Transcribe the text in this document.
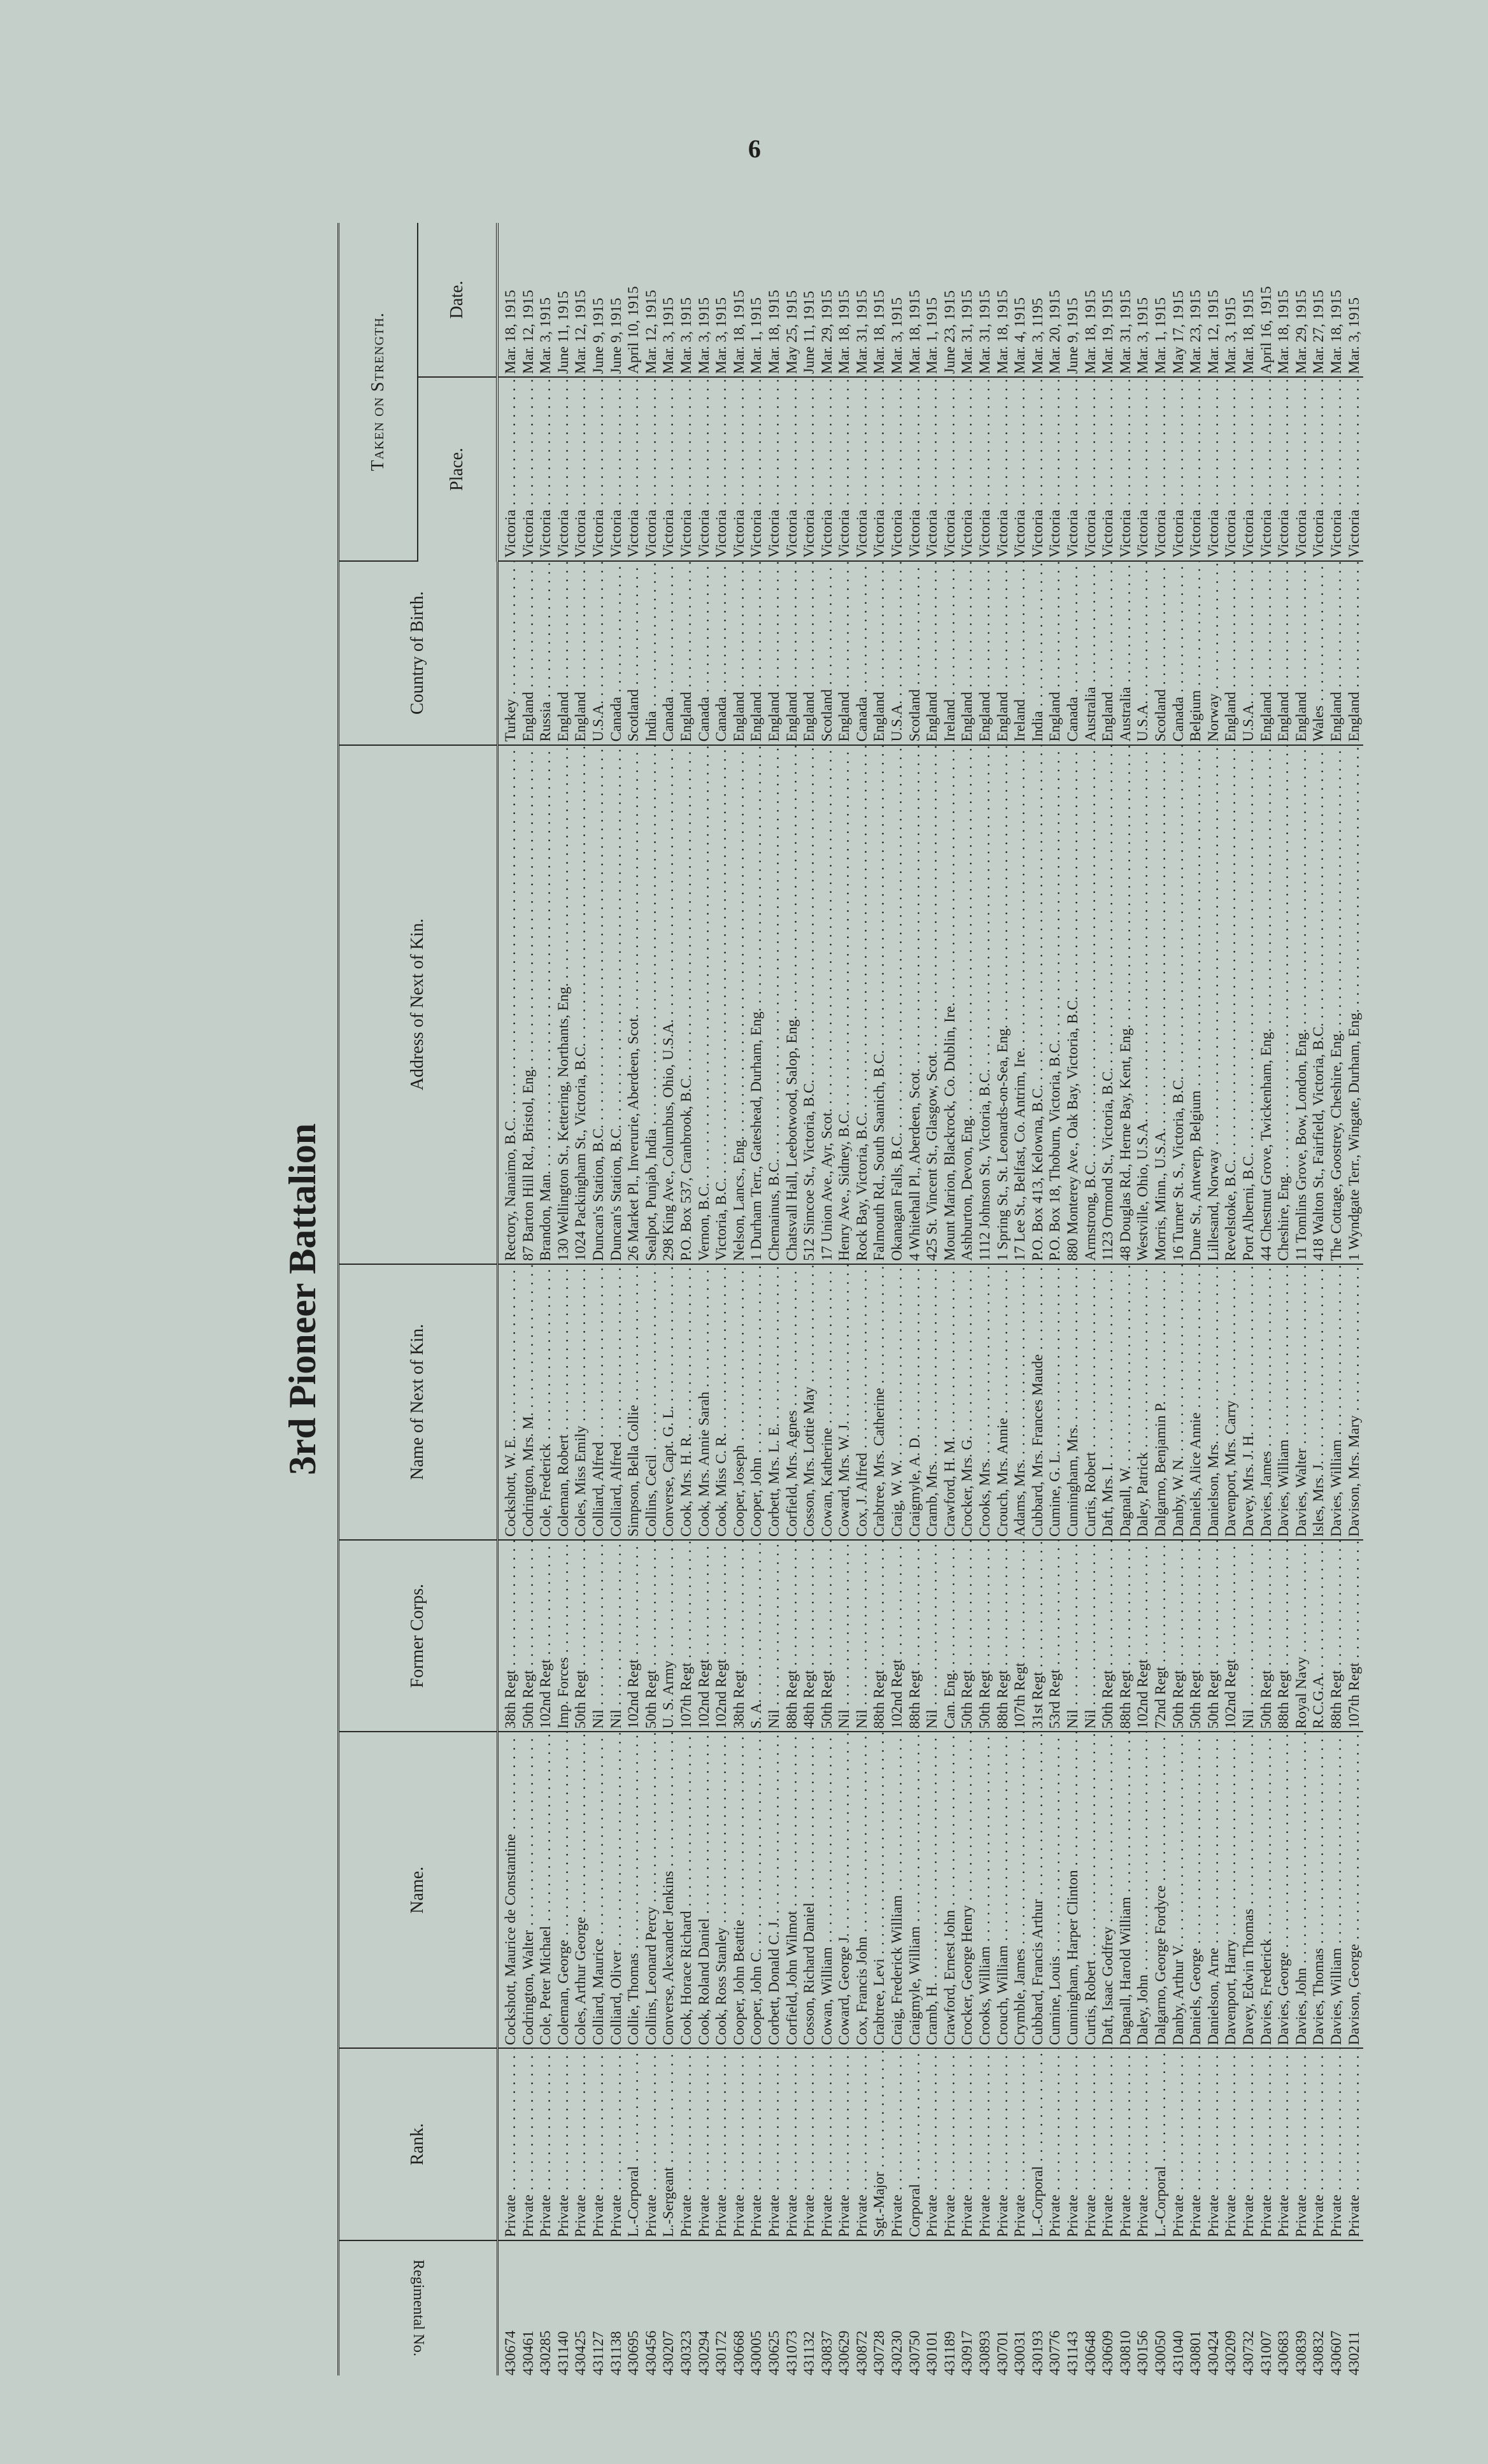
6
3rd Pioneer Battalion
Regimental No.	Rank.	Name.	Former Corps.	Name of Next of Kin.	Address of Next of Kin.	Country of Birth.	Taken on Strength.	
							Place.	Date.
430674	Private . . .	Cockshott, Maurice de Constantine . . .	38th Regt . . .	Cockshott, W. E. . . .	Rectory, Nanaimo, B.C. . . .	Turkey . . .	Victoria . . .	Mar. 18, 1915
430461	Private . . .	Codrington, Walter . . .	50th Regt . . .	Codrington, Mrs. M. . . .	87 Barton Hill Rd., Bristol, Eng. . . .	England . . .	Victoria . . .	Mar. 12, 1915
430285	Private . . .	Cole, Peter Michael . . .	102nd Regt . . .	Cole, Frederick . . .	Brandon, Man. . . .	Russia . . .	Victoria . . .	Mar. 3, 1915
431140	Private . . .	Coleman, George . . .	Imp. Forces . . .	Coleman, Robert . . .	130 Wellington St., Kettering, Northants, Eng. . . .	England . . .	Victoria . . .	June 11, 1915
430425	Private . . .	Coles, Arthur George . . .	50th Regt . . .	Coles, Miss Emily . . .	1024 Packingham St., Victoria, B.C. . . .	England . . .	Victoria . . .	Mar. 12, 1915
431127	Private . . .	Colliard, Maurice . . .	Nil . . .	Colliard, Alfred . . .	Duncan's Station, B.C. . . .	U.S.A. . . .	Victoria . . .	June 9, 1915
431138	Private . . .	Colliard, Oliver . . .	Nil . . .	Colliard, Alfred . . .	Duncan's Station, B.C. . . .	Canada . . .	Victoria . . .	June 9, 1915
430695	L.-Corporal . . .	Collie, Thomas . . .	102nd Regt . . .	Simpson, Bella Collie . . .	26 Market Pl., Inverurie, Aberdeen, Scot. . . .	Scotland . . .	Victoria . . .	April 10, 1915
430456	Private . . .	Collins, Leonard Percy . . .	50th Regt . . .	Collins, Cecil . . .	Sealpot, Punjab, India . . .	India . . .	Victoria . . .	Mar. 12, 1915
430207	L.-Sergeant . . .	Converse, Alexander Jenkins . . .	U. S. Army . . .	Converse, Capt. G. L. . . .	298 King Ave., Columbus, Ohio, U.S.A. . . .	Canada . . .	Victoria . . .	Mar. 3, 1915
430323	Private . . .	Cook, Horace Richard . . .	107th Regt . . .	Cook, Mrs. H. R. . . .	P.O. Box 537, Cranbrook, B.C. . . .	England . . .	Victoria . . .	Mar. 3, 1915
430294	Private . . .	Cook, Roland Daniel . . .	102nd Regt . . .	Cook, Mrs. Annie Sarah . . .	Vernon, B.C. . . .	Canada . . .	Victoria . . .	Mar. 3, 1915
430172	Private . . .	Cook, Ross Stanley . . .	102nd Regt . . .	Cook, Miss C. R. . . .	Victoria, B.C. . . .	Canada . . .	Victoria . . .	Mar. 3, 1915
430668	Private . . .	Cooper, John Beattie . . .	38th Regt . . .	Cooper, Joseph . . .	Nelson, Lancs., Eng. . . .	England . . .	Victoria . . .	Mar. 18, 1915
430005	Private . . .	Cooper, John C. . . .	S. A. . . .	Cooper, John . . .	1 Durham Terr., Gateshead, Durham, Eng. . . .	England . . .	Victoria . . .	Mar. 1, 1915
430625	Private . . .	Corbett, Donald C. J. . . .	Nil . . .	Corbett, Mrs. L. E. . . .	Chemainus, B.C. . . .	England . . .	Victoria . . .	Mar. 18, 1915
431073	Private . . .	Corfield, John Wilmot . . .	88th Regt . . .	Corfield, Mrs. Agnes . . .	Chatsvall Hall, Leebotwood, Salop, Eng. . . .	England . . .	Victoria . . .	May 25, 1915
431132	Private . . .	Cosson, Richard Daniel . . .	48th Regt . . .	Cosson, Mrs. Lottie May . . .	512 Simcoe St., Victoria, B.C. . . .	England . . .	Victoria . . .	June 11, 1915
430837	Private . . .	Cowan, William . . .	50th Regt . . .	Cowan, Katherine . . .	17 Union Ave., Ayr, Scot. . . .	Scotland . . .	Victoria . . .	Mar. 29, 1915
430629	Private . . .	Coward, George J. . . .	Nil . . .	Coward, Mrs. W. J. . . .	Henry Ave., Sidney, B.C. . . .	England . . .	Victoria . . .	Mar. 18, 1915
430872	Private . . .	Cox, Francis John . . .	Nil . . .	Cox, J. Alfred . . .	Rock Bay, Victoria, B.C. . . .	Canada . . .	Victoria . . .	Mar. 31, 1915
430728	Sgt.-Major . . .	Crabtree, Levi . . .	88th Regt . . .	Crabtree, Mrs. Catherine . . .	Falmouth Rd., South Saanich, B.C. . . .	England . . .	Victoria . . .	Mar. 18, 1915
430230	Private . . .	Craig, Frederick William . . .	102nd Regt . . .	Craig, W. W. . . .	Okanagan Falls, B.C. . . .	U.S.A. . . .	Victoria . . .	Mar. 3, 1915
430750	Corporal . . .	Craigmyle, William . . .	88th Regt . . .	Craigmyle, A. D. . . .	4 Whitehall Pl., Aberdeen, Scot. . . .	Scotland . . .	Victoria . . .	Mar. 18, 1915
430101	Private . . .	Cramb, H. . . .	Nil . . .	Cramb, Mrs. . . .	425 St. Vincent St., Glasgow, Scot. . . .	England . . .	Victoria . . .	Mar. 1, 1915
431189	Private . . .	Crawford, Ernest John . . .	Can. Eng. . . .	Crawford, H. M. . . .	Mount Marion, Blackrock, Co. Dublin, Ire. . . .	Ireland . . .	Victoria . . .	June 23, 1915
430917	Private . . .	Crocker, George Henry . . .	50th Regt . . .	Crocker, Mrs. G. . . .	Ashburton, Devon, Eng. . . .	England . . .	Victoria . . .	Mar. 31, 1915
430893	Private . . .	Crooks, William . . .	50th Regt . . .	Crooks, Mrs. . . .	1112 Johnson St., Victoria, B.C. . . .	England . . .	Victoria . . .	Mar. 31, 1915
430701	Private . . .	Crouch, William . . .	88th Regt . . .	Crouch, Mrs. Annie . . .	1 Spring St., St. Leonards-on-Sea, Eng. . . .	England . . .	Victoria . . .	Mar. 18, 1915
430031	Private . . .	Crymble, James . . .	107th Regt . . .	Adams, Mrs. . . .	17 Lee St., Belfast, Co. Antrim, Ire. . . .	Ireland . . .	Victoria . . .	Mar. 4, 1915
430193	L.-Corporal . . .	Cubbard, Francis Arthur . . .	31st Regt . . .	Cubbard, Mrs. Frances Maude . . .	P.O. Box 413, Kelowna, B.C. . . .	India . . .	Victoria . . .	Mar. 3, 1195
430776	Private . . .	Cumine, Louis . . .	53rd Regt . . .	Cumine, G. L. . . .	P.O. Box 18, Thoburn, Victoria, B.C. . . .	England . . .	Victoria . . .	Mar. 20, 1915
431143	Private . . .	Cunningham, Harper Clinton . . .	Nil . . .	Cunningham, Mrs. . . .	880 Monterey Ave., Oak Bay, Victoria, B.C. . . .	Canada . . .	Victoria . . .	June 9, 1915
430648	Private . . .	Curtis, Robert . . .	Nil . . .	Curtis, Robert . . .	Armstrong, B.C. . . .	Australia . . .	Victoria . . .	Mar. 18, 1915
430609	Private . . .	Daft, Isaac Godfrey . . .	50th Regt . . .	Daft, Mrs. I. . . .	1123 Ormond St., Victoria, B.C. . . .	England . . .	Victoria . . .	Mar. 19, 1915
430810	Private . . .	Dagnall, Harold William . . .	88th Regt . . .	Dagnall, W. . . .	48 Douglas Rd., Herne Bay, Kent, Eng. . . .	Australia . . .	Victoria . . .	Mar. 31, 1915
430156	Private . . .	Daley, John . . .	102nd Regt . . .	Daley, Patrick . . .	Westville, Ohio, U.S.A. . . .	U.S.A. . . .	Victoria . . .	Mar. 3, 1915
430050	L.-Corporal . . .	Dalgarno, George Fordyce . . .	72nd Regt . . .	Dalgarno, Benjamin P. . . .	Morris, Minn., U.S.A. . . .	Scotland . . .	Victoria . . .	Mar. 1, 1915
431040	Private . . .	Danby, Arthur V. . . .	50th Regt . . .	Danby, W. N. . . .	16 Turner St. S., Victoria, B.C. . . .	Canada . . .	Victoria . . .	May 17, 1915
430801	Private . . .	Daniels, George . . .	50th Regt . . .	Daniels, Alice Annie . . .	Dune St., Antwerp, Belgium . . .	Belgium . . .	Victoria . . .	Mar. 23, 1915
430424	Private . . .	Danielson, Arne . . .	50th Regt . . .	Danielson, Mrs. . . .	Lillesand, Norway . . .	Norway . . .	Victoria . . .	Mar. 12, 1915
430209	Private . . .	Davenport, Harry . . .	102nd Regt . . .	Davenport, Mrs. Carry . . .	Revelstoke, B.C. . . .	England . . .	Victoria . . .	Mar. 3, 1915
430732	Private . . .	Davey, Edwin Thomas . . .	Nil . . .	Davey, Mrs. J. H. . . .	Port Alberni, B.C. . . .	U.S.A. . . .	Victoria . . .	Mar. 18, 1915
431007	Private . . .	Davies, Frederick . . .	50th Regt . . .	Davies, James . . .	44 Chestnut Grove, Twickenham, Eng. . . .	England . . .	Victoria . . .	April 16, 1915
430683	Private . . .	Davies, George . . .	88th Regt . . .	Davies, William . . .	Cheshire, Eng. . . .	England . . .	Victoria . . .	Mar. 18, 1915
430839	Private . . .	Davies, John . . .	Royal Navy . . .	Davies, Walter . . .	11 Tomlins Grove, Bow, London, Eng. . . .	England . . .	Victoria . . .	Mar. 29, 1915
430832	Private . . .	Davies, Thomas . . .	R.C.G.A. . . .	Isles, Mrs. J. . . .	418 Walton St., Fairfield, Victoria, B.C. . . .	Wales . . .	Victoria . . .	Mar. 27, 1915
430607	Private . . .	Davies, William . . .	88th Regt . . .	Davies, William . . .	The Cottage, Goostrey, Cheshire, Eng. . . .	England . . .	Victoria . . .	Mar. 18, 1915
430211	Private . . .	Davison, George . . .	107th Regt . . .	Davison, Mrs. Mary . . .	1 Wyndgate Terr., Wingate, Durham, Eng. . . .	England . . .	Victoria . . .	Mar. 3, 1915
